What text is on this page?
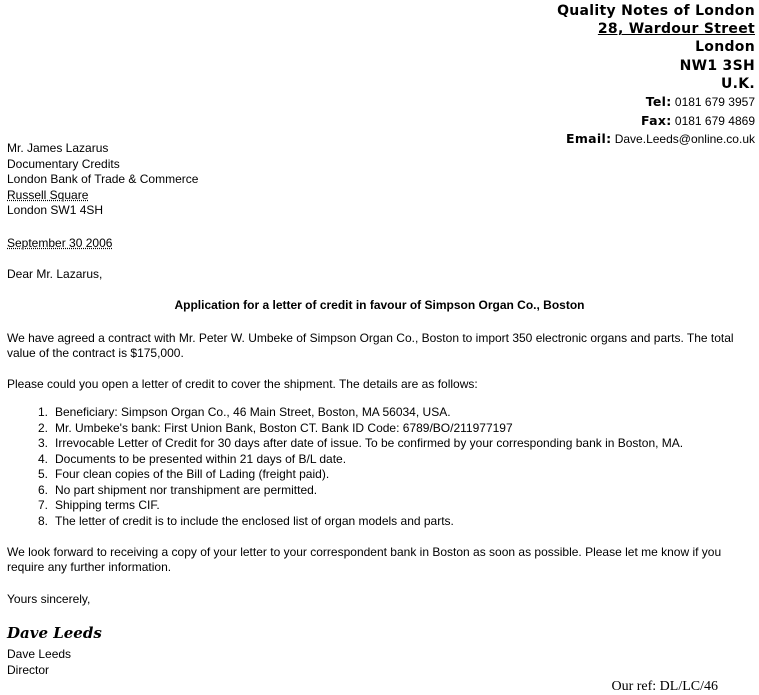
Quality Notes of London
28, Wardour Street
London
NW1 3SH
U.K.
Tel: 0181 679 3957
Fax: 0181 679 4869
Email: Dave.Leeds@online.co.uk
Mr. James Lazarus
Documentary Credits
London Bank of Trade & Commerce
Russell Square
London SW1 4SH
September 30 2006
Dear Mr. Lazarus,
Application for a letter of credit in favour of Simpson Organ Co., Boston
We have agreed a contract with Mr. Peter W. Umbeke of Simpson Organ Co., Boston to import 350 electronic organs and parts. The total value of the contract is $175,000.
Please could you open a letter of credit to cover the shipment. The details are as follows:
1. Beneficiary: Simpson Organ Co., 46 Main Street, Boston, MA 56034, USA.
2. Mr. Umbeke's bank: First Union Bank, Boston CT. Bank ID Code: 6789/BO/211977197
3. Irrevocable Letter of Credit for 30 days after date of issue. To be confirmed by your corresponding bank in Boston, MA.
4. Documents to be presented within 21 days of B/L date.
5. Four clean copies of the Bill of Lading (freight paid).
6. No part shipment nor transhipment are permitted.
7. Shipping terms CIF.
8. The letter of credit is to include the enclosed list of organ models and parts.
We look forward to receiving a copy of your letter to your correspondent bank in Boston as soon as possible. Please let me know if you require any further information.
Yours sincerely,
Dave Leeds
Dave Leeds
Director
Our ref: DL/LC/46
